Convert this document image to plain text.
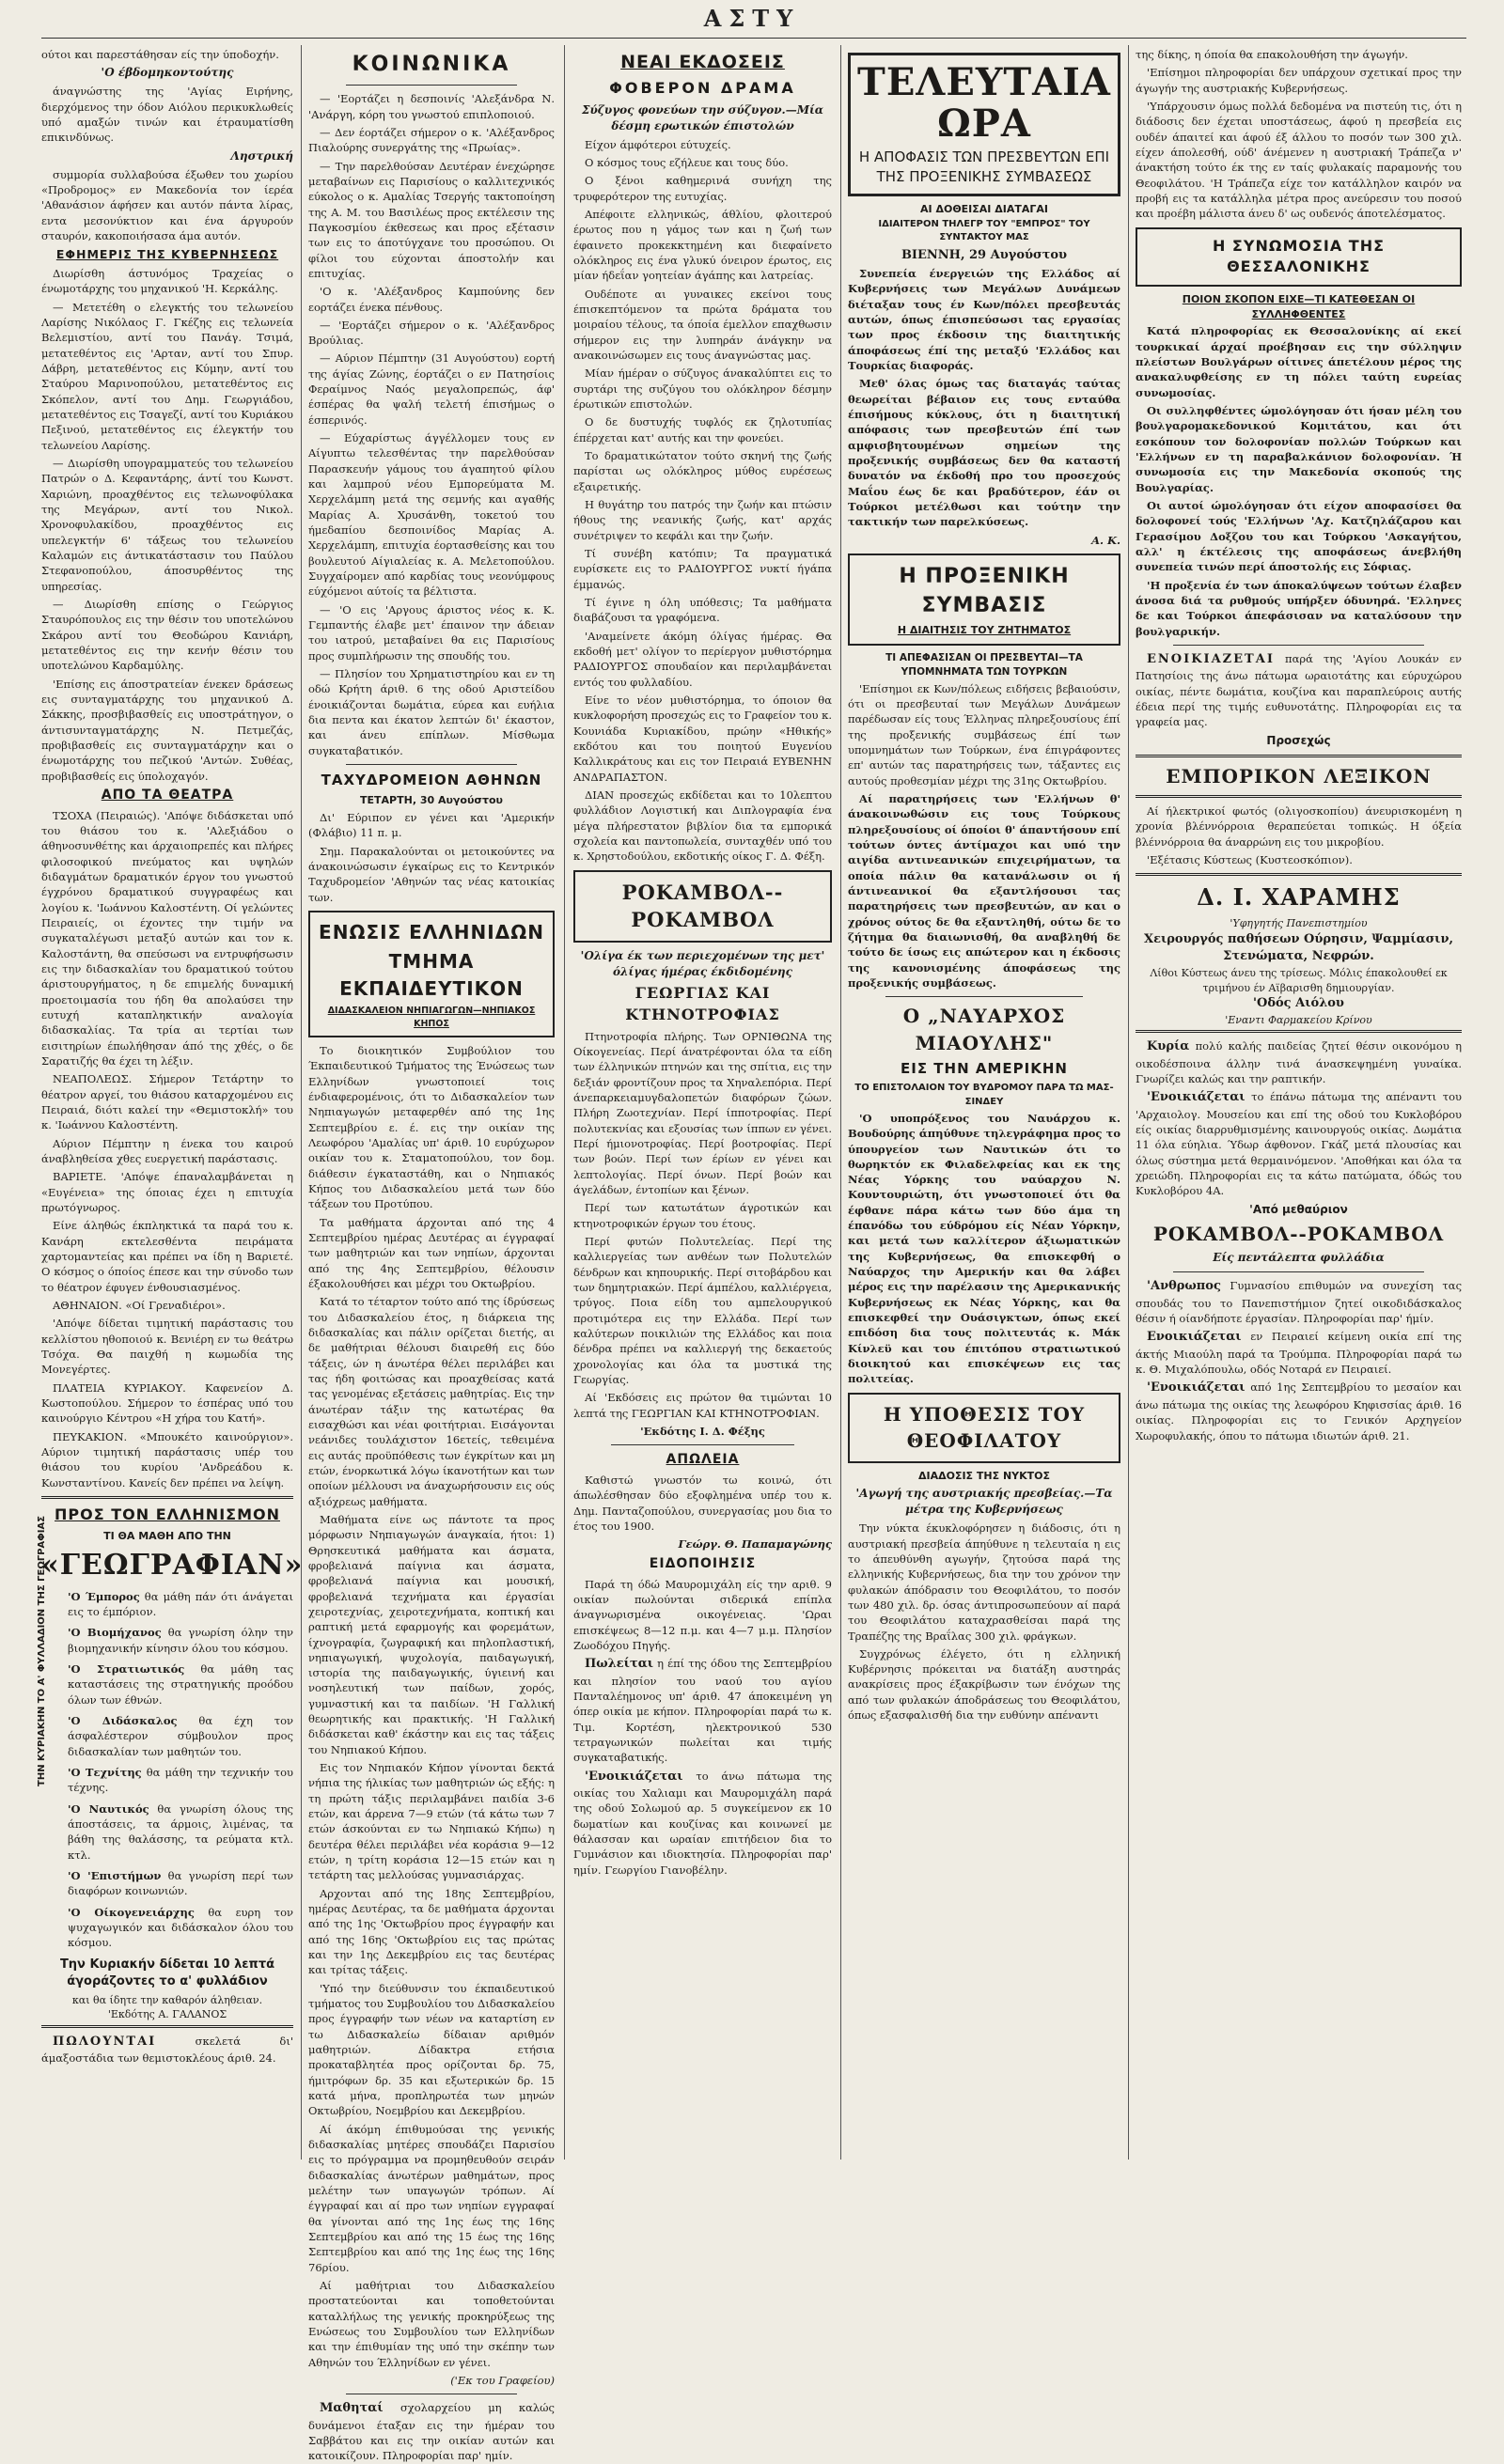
ΑΣΤΥ

ούτοι και παρεστάθησαν είς την ύποδοχήν.

'Ο έβδομηκοντούτης

άναγνώστης της 'Αγίας Ειρήνης, διερχόμενος την όδον Αιόλου περικυκλωθείς υπό αμαξών τινών και έτραυματίσθη επικινδύνως.

Ληστρική

συμμορία συλλαβούσα έξωθεν του χωρίου «Προδρομος» εν Μακεδονία τον ίερέα 'Αθανάσιον άφήσεν και αυτόν πάντα λίρας, εντα μεσονύκτιον και ένα άργυρούν σταυρόν, κακοποιήσασα άμα αυτόν.

ΕΦΗΜΕΡΙΣ ΤΗΣ ΚΥΒΕΡΝΗΣΕΩΣ

Διωρίσθη άστυνόμος Τραχείας ο ένωμοτάρχης του μηχανικού 'Η. Κερκάλης.

— Μετετέθη ο ελεγκτής του τελωνείου Λαρίσης Νικόλαος Γ. Γκέζης εις τελωνεία Βελεμιστίου, αντί του Πανάγ. Τσιμά, μετατεθέντος εις 'Αρταν, αντί του Σπυρ. Δάβρη, μετατεθέντος εις Κύμην, αντί του Σταύρου Μαρινοπούλου, μετατεθέντος εις Σκόπελον, αντί του Δημ. Γεωργιάδου, μετατεθέντος εις Τσαγεζί, αντί του Κυριάκου Πεξινού, μετατεθέντος εις έλεγκτήν του τελωνείου Λαρίσης.

— Διωρίσθη υπογραμματεύς του τελωνείου Πατρών ο Δ. Κεφαντάρης, άντί του Κωνστ. Χαριώνη, προαχθέντος εις τελωνοφύλακα της Μεγάρων, αντί του Νικολ. Χρονοφυλακίδου, προαχθέντος εις υπελεγκτήν 6' τάξεως του τελωνείου Καλαμών εις άντικατάστασιν του Παύλου Στεφανοπούλου, άποσυρθέντος της υπηρεσίας.

— Διωρίσθη επίσης ο Γεώργιος Σταυρόπουλος εις την θέσιν του υποτελώνου Σκάρου αντί του Θεοδώρου Κανιάρη, μετατεθέντος εις την κενήν θέσιν του υποτελώνου Καρδαμύλης.

'Επίσης εις άποστρατείαν ένεκεν δράσεως εις συνταγματάρχης του μηχανικού Δ. Σάκκης, προσβιβασθείς εις υποστράτηγον, ο άντισυνταγματάρχης Ν. Πετμεζάς, προβιβασθείς εις συνταγματάρχην και ο ένωμοτάρχης του πεζικού 'Αντών. Συθέας, προβιβασθείς εις ύπολοχαγόν.

ΑΠΟ ΤΑ ΘΕΑΤΡΑ

ΤΣΟΧΑ (Πειραιώς). 'Απόψε διδάσκεται υπό του θιάσου του κ. 'Αλεξιάδου ο άθηνοσυνθέτης και άρχαιοπρεπές και πλήρες φιλοσοφικού πνεύματος και υψηλών διδαγμάτων δραματικόν έργον του γνωστού έγχρόνου δραματικού συγγραφέως και λογίου κ. 'Ιωάννου Καλοστέντη. Οί γελώντες Πειραιείς, οι έχοντες την τιμήν να συγκαταλέγωσι μεταξύ αυτών και τον κ. Καλοστάντη, θα σπεύσωσι να εντρυφήσωσιν εις την διδασκαλίαν του δραματικού τούτου άριστουργήματος, η δε επιμελής δυναμική προετοιμασία του ήδη θα απολαύσει την ευτυχή καταπληκτικήν αναλογία διδασκαλίας. Τα τρία αι τερτίαι των εισιτηρίων έπωλήθησαν άπό της χθές, ο δε Σαρατιζής θα έχει τη λέξιν.

ΝΕΑΠΟΛΕΩΣ. Σήμερον Τετάρτην το θέατρον αργεί, του θιάσου καταρχομένου εις Πειραιά, διότι καλεί την «Θεμιστοκλή» του κ. 'Ιωάννου Καλοστέντη.

Αύριον Πέμπτην η ένεκα του καιρού άναβληθείσα χθες ευεργετική παράστασις.

ΒΑΡΙΕΤΕ. 'Απόψε έπαναλαμβάνεται η «Ευγένεια» της όποιας έχει η επιτυχία πρωτόγνωρος.

Είνε άληθώς έκπληκτικά τα παρά του κ. Κανάρη εκτελεσθέντα πειράματα χαρτομαντείας και πρέπει να ίδη η Βαριετέ. Ο κόσμος ο όποίος έπεσε και την σύνοδο των το θέατρον έφυγεν ένθουσιασμένος.

ΑΘΗΝΑΙΟΝ. «Οί Γρεναδιέροι».

'Απόψε δίδεται τιμητική παράστασις του κελλίστου ηθοποιού κ. Βενιέρη εν τω θεάτρω Τσόχα. Θα παιχθή η κωμωδία της Μονεγέρτες.

ΠΛΑΤΕΙΑ ΚΥΡΙΑΚΟΥ. Καφενείον Δ. Κωστοπούλου. Σήμερον το έσπέρας υπό του καινούργιο Κέντρου «Η χήρα του Κατή».

ΠΕΥΚΑΚΙΟΝ. «Μπουκέτο καινούργιον». Αύριον τιμητική παράστασις υπέρ του θιάσου του κυρίου 'Ανδρεάδου κ. Κωνσταντίνου. Κανείς δεν πρέπει να λείψη.

ΠΡΟΣ ΤΟΝ ΕΛΛΗΝΙΣΜΟΝ
ΤΙ ΘΑ ΜΑΘΗ ΑΠΟ ΤΗΝ
«ΓΕΩΓΡΑΦΙΑΝ»
ΤΗΝ ΚΥΡΙΑΚΗΝ ΤΟ Α' ΦΥΛΛΑΔΙΟΝ ΤΗΣ ΓΕΩΓΡΑΦΙΑΣ 'Ο Έμπορος θα μάθη πάν ότι άνάγεται εις το έμπόριον.

'Ο Βιομήχανος θα γνωρίση όλην την βιομηχανικήν κίνησιν όλου του κόσμου.

'Ο Στρατιωτικός θα μάθη τας καταστάσεις της στρατηγικής προόδου όλων των έθνών.

'Ο Διδάσκαλος θα έχη τον άσφαλέστερον σύμβουλον προς διδασκαλίαν των μαθητών του.

'Ο Τεχνίτης θα μάθη την τεχνικήν του τέχνης.

'Ο Ναυτικός θα γνωρίση όλους της άποστάσεις, τα άρμοις, λιμένας, τα βάθη της θαλάσσης, τα ρεύματα κτλ. κτλ.

'Ο 'Επιστήμων θα γνωρίση περί των διαφόρων κοινωνιών.

'Ο Οίκογενειάρχης θα ευρη τον ψυχαγωγικόν και διδάσκαλον όλου του κόσμου.

Την Κυριακήν δίδεται 10 λεπτά άγοράζοντες το α' φυλλάδιον
και θα ίδητε την καθαρόν άληθειαν.
'Εκδότης Α. ΓΑΛΑΝΟΣ

ΠΩΛΟΥΝΤΑΙ	σκελετά δι' άμαξοστάδια των θεμιστοκλέους άριθ. 24.

ΚΟΙΝΩΝΙΚΑ

— 'Εορτάζει η δεσποινίς 'Αλεξάνδρα Ν. 'Ανάργη, κόρη του γνωστού επιπλοποιού.

— Δεν έορτάζει σήμερον ο κ. 'Αλέξανδρος Πιαλούρης συνεργάτης της «Πρωίας».

— Την παρελθούσαν Δευτέραν ένεχώρησε μεταβαίνων εις Παρισίους ο καλλιτεχνικός εύκολος ο κ. Αμαλίας Τσεργής τακτοποίηση της Α. Μ. του Βασιλέως προς εκτέλεσιν της Παγκοσμίου έκθεσεως και προς εξέτασιν των εις το άποτύγχανε του προσώπου. Οι φίλοι του εύχονται άποστολήν και επιτυχίας.

'Ο κ. 'Αλέξανδρος Καμπούνης δεν εορτάζει ένεκα πένθους.

— 'Εορτάζει σήμερον ο κ. 'Αλέξανδρος Βρούλιας.

— Αύριον Πέμπτην (31 Αυγούστου) εορτή της άγίας Ζώνης, έορτάζει ο εν Πατησίοις Φεραίμνος Ναός μεγαλοπρεπώς, άφ' έσπέρας θα ψαλή τελετή έπισήμως ο έσπερινός.

— Εύχαρίστως άγγέλλομεν τους εν Αίγυπτω τελεσθέντας την παρελθούσαν Παρασκευήν γάμους του άγαπητού φίλου και λαμπρού νέου Εμπορεύματα Μ. Χερχελάμπη μετά της σεμνής και αγαθής Μαρίας Α. Χρυσάνθη, τοκετού του ήμεδαπίου δεσποινίδος Μαρίας Α. Χερχελάμπη, επιτυχία έορτασθείσης και του βουλευτού Αίγιαλείας κ. Α. Μελετοπούλου. Συγχαίρομεν από καρδίας τους νεονύμφους εύχόμενοι αύτοίς τα βέλτιστα.

— 'Ο εις 'Αργους άριστος νέος κ. Κ. Γεμπαντής έλαβε μετ' έπαινον την άδειαν του ιατρού, μεταβαίνει θα εις Παρισίους προς συμπλήρωσιν της σπουδής του.

— Πλησίον του Χρηματιστηρίου και εν τη οδώ Κρήτη άριθ. 6 της οδού Αριστείδου ένοικιάζονται δωμάτια, εύρεα και ευήλια δια πεντα και έκατον λεπτών δι' έκαστον, και άνευ επίπλων. Μίσθωμα συγκαταβατικόν.

ΤΑΧΥΔΡΟΜΕΙΟΝ ΑΘΗΝΩΝ
ΤΕΤΑΡΤΗ, 30 Αυγούστου

Δι' Εύριπον εν γένει και 'Αμερικήν (Φλάβιο) 11 π. μ.

Σημ. Παρακαλούνται οι μετοικούντες να άνακοινώσωσιν έγκαίρως εις το Κεντρικόν Ταχυδρομείον 'Αθηνών τας νέας κατοικίας των.

ΕΝΩΣΙΣ ΕΛΛΗΝΙΔΩΝ
ΤΜΗΜΑ ΕΚΠΑΙΔΕΥΤΙΚΟΝ
ΔΙΔΑΣΚΑΛΕΙΟΝ ΝΗΠΙΑΓΩΓΩΝ—ΝΗΠΙΑΚΟΣ ΚΗΠΟΣ

Το διοικητικόν Συμβούλιον του Έκπαιδευτικού Τμήματος της Ένώσεως των Ελληνίδων γνωστοποιεί τοις ένδιαφερομένοις, ότι το Διδασκαλείον των Νηπιαγωγών μεταφερθέν από της 1ης Σεπτεμβρίου ε. έ. εις την οικίαν της Λεωφόρου 'Αμαλίας υπ' άριθ. 10 ευρύχωρον οικίαν του κ. Σταματοπούλου, τον δομ. διάθεσιν έγκαταστάθη, και ο Νηπιακός Κήπος του Διδασκαλείου μετά των δύο τάξεων του Προτύπου.

Τα μαθήματα άρχονται από της 4 Σεπτεμβρίου ημέρας Δευτέρας αι έγγραφαί των μαθητριών και των νηπίων, άρχονται από της 4ης Σεπτεμβρίου, θέλουσιν έξακολουθήσει και μέχρι του Οκτωβρίου.

Κατά το τέταρτον τούτο από της ίδρύσεως του Διδασκαλείου έτος, η διάρκεια της διδασκαλίας και πάλιν ορίζεται διετής, αι δε μαθήτριαι θέλουσι διαιρεθή εις δύο τάξεις, ών η άνωτέρα θέλει περιλάβει και τας ήδη φοιτώσας και προαχθείσας κατά τας γενομένας εξετάσεις μαθητρίας. Εις την άνωτέραν τάξιν της κατωτέρας θα εισαχθώσι και νέαι φοιτήτριαι. Εισάγονται νεάνιδες τουλάχιστον 16ετείς, τεθειμένα εις αυτάς προϋπόθεσις των έγκρίτων και μη ετών, ένορκωτικά λόγω ίκανοτήτων και των οποίων μέλλουσι να άναχωρήσουσιν εις ούς αξιόχρεως μαθήματα.

Μαθήματα είνε ως πάντοτε τα προς μόρφωσιν Νηπιαγωγών άναγκαία, ήτοι: 1) Θρησκευτικά μαθήματα και άσματα, φροβελιανά παίγνια και άσματα, φροβελιανά παίγνια και μουσική, φροβελιανά τεχνήματα και έργασίαι χειροτεχνίας, χειροτεχνήματα, κοπτική και ραπτική μετά εφαρμογής και φορεμάτων, ίχνογραφία, ζωγραφική και πηλοπλαστική, νηπιαγωγική, ψυχολογία, παιδαγωγική, ιστορία της παιδαγωγικής, ύγιεινή και νοσηλευτική των παίδων, χορός, γυμναστική και τα παιδίων. 'Η Γαλλική θεωρητικής και πρακτικής. 'Η Γαλλική διδάσκεται καθ' έκάστην και εις τας τάξεις του Νηπιακού Κήπου.

Εις τον Νηπιακόν Κήπον γίνονται δεκτά νήπια της ήλικίας των μαθητριών ώς εξής: η τη πρώτη τάξις περιλαμβάνει παιδία 3-6 ετών, και άρρενα 7—9 ετών (τά κάτω των 7 ετών άσκούνται εν τω Νηπιακώ Κήπω) η δευτέρα θέλει περιλάβει νέα κοράσια 9—12 ετών, η τρίτη κοράσια 12—15 ετών και η τετάρτη τας μελλούσας γυμνασιάρχας.

Αρχονται από της 18ης Σεπτεμβρίου, ημέρας Δευτέρας, τα δε μαθήματα άρχονται από της 1ης 'Οκτωβρίου προς έγγραφήν και από της 16ης 'Οκτωβρίου εις τας πρώτας και την 1ης Δεκεμβρίου εις τας δευτέρας και τρίτας τάξεις.

'Υπό την διεύθυνσιν του έκπαιδευτικού τμήματος του Συμβουλίου του Διδασκαλείου προς έγγραφήν των νέων να καταρτίση εν τω Διδασκαλείω δίδαιαν αριθμόν μαθητριών. Δίδακτρα ετήσια προκαταβλητέα προς ορίζονται δρ. 75, ήμιτρόφων δρ. 35 και εξωτερικών δρ. 15 κατά μήνα, προπληρωτέα των μηνών Οκτωβρίου, Νοεμβρίου και Δεκεμβρίου.

Αί άκόμη έπιθυμούσαι της γενικής διδασκαλίας μητέρες σπουδάζει Παρισίου εις το πρόγραμμα να προμηθευθούν σειράν διδασκαλίας άνωτέρων μαθημάτων, προς μελέτην των υπαγωγών τρόπων. Αί έγγραφαί και αί προ των νηπίων εγγραφαί θα γίνονται από της 1ης έως της 16ης Σεπτεμβρίου και από της 15 έως της 16ης Σεπτεμβρίου και από της 1ης έως της 16ης 76ρίου.

Αί μαθήτριαι του Διδασκαλείου προστατεύονται και τοποθετούνται καταλλήλως της γενικής προκηρύξεως της Ενώσεως του Συμβουλίου των Ελληνίδων και την έπιθυμίαν της υπό την σκέπην των Αθηνών του Έλληνίδων εν γένει.

('Εκ του Γραφείου)

Μαθηταί σχολαρχείου μη καλώς δυνάμενοι έταξαν εις την ήμέραν του Σαββάτου και εις την οικίαν αυτών και κατοικίζουν. Πληροφορίαι παρ' ημίν.

ΝΕΑΙ ΕΚΔΟΣΕΙΣ
ΦΟΒΕΡΟΝ ΔΡΑΜΑ
Σύζυγος φονεύων την σύζυγον.—Μία δέσμη ερωτικών έπιστολών

Είχον άμφότεροι εύτυχείς.

Ο κόσμος τους εζήλευε και τους δύο.

Ο ξένοι καθημερινά συνήχη της τρυφερότερον της ευτυχίας.

Απέφοιτε ελληνικώς, άθλίου, φλοιτερού έρωτος που η γάμος των και η ζωή των έφαινετο προκεκκτημένη και διεφαίνετο ολόκληρος εις ένα γλυκύ όνειρον έρωτος, εις μίαν ήδεΐαν γοητείαν άγάπης και λατρείας.

Ουδέποτε αι γυναικες εκείνοι τους έπισκεπτόμενον τα πρώτα δράματα του μοιραίου τέλους, τα όποία έμελλον επαχθωσιν σήμερον εις την λυπηράν άνάγκην να ανακοινώσωμεν εις τους άναγνώστας μας.

Μίαν ήμέραν ο σύζυγος άνακαλύπτει εις το συρτάρι της συζύγου του ολόκληρον δέσμην έρωτικών επιστολών.

Ο δε δυστυχής τυφλός εκ ζηλοτυπίας έπέρχεται κατ' αυτής και την φονεύει.

Το δραματικώτατον τούτο σκηνή της ζωής παρίσται ως ολόκληρος μύθος ευρέσεως εξαιρετικής.

Η θυγάτηρ του πατρός την ζωήν και πτώσιν ήθους της νεανικής ζωής, κατ' αρχάς συνέτριψεν το κεφάλι και την ζωήν.

Τί συνέβη κατόπιν; Τα πραγματικά ευρίσκετε εις το ΡΑΔΙΟΥΡΓΟΣ νυκτί ήγάπα έμμανώς.

Τί έγινε η όλη υπόθεσις; Τα μαθήματα διαβάζουσι τα γραφόμενα.

'Αναμείνετε άκόμη όλίγας ήμέρας. Θα εκδοθή μετ' ολίγον το περίεργον μυθιστόρημα ΡΑΔΙΟΥΡΓΟΣ σπουδαίον και περιλαμβάνεται εντός του φυλλαδίου.

Είνε το νέον μυθιστόρημα, το όποιον θα κυκλοφορήση προσεχώς εις το Γραφείον του κ. Κουνιάδα Κυριακίδου, πρώην «Ηθικής» εκδότου και του ποιητού Ευγενίου Καλλικράτους και εις τον Πειραιά ΕΥΒΕΝΗΝ ΑΝΔΡΑΠΑΣΤΟΝ.

ΔΙΑΝ προσεχώς εκδίδεται και το 10λεπτου φυλλάδιον Λογιστική και Διπλογραφία ένα μέγα πλήρεστατον βιβλίον δια τα εμπορικά σχολεία και παντοπωλεία, συνταχθέν υπό του κ. Χρηστοδούλου, εκδοτικής οίκος Γ. Δ. Φέξη.

ΡΟΚΑΜΒΟΛ--ΡΟΚΑΜΒΟΛ
'Ολίγα έκ των περιεχομένων της μετ' όλίγας ήμέρας έκδιδομένης
ΓΕΩΡΓΙΑΣ ΚΑΙ ΚΤΗΝΟΤΡΟΦΙΑΣ

Πτηνοτροφία πλήρης. Των ΟΡΝΙΘΩΝΑ της Οίκογενείας. Περί άνατρέφονται όλα τα είδη των έλληνικών πτηνών και της σπίτια, εις την δεξιάν φροντίζουν προς τα Χηναλεπόρια. Περί άνεπαρκειαμυγδαλοπετών διαφόρων ζώων. Πλήρη Ζωοτεχνίαν. Περί ίπποτροφίας. Περί πολυτεκνίας και εξουσίας των ίππων εν γένει. Περί ήμιονοτροφίας. Περί βοοτροφίας. Περί των βοών. Περί των έρίων εν γένει και λεπτολογίας. Περί όνων. Περί βοών και άγελάδων, έντοπίων και ξένων.

Περί των κατωτάτων άγροτικών και κτηνοτροφικών έργων του έτους.

Περί φυτών Πολυτελείας. Περί της καλλιεργείας των ανθέων των Πολυτελών δένδρων και κηπουρικής. Περί σιτοβάρδου και των δημητριακών. Περί άμπέλου, καλλιέργεια, τρύγος. Ποια είδη του αμπελουργικού προτιμότερα εις την Ελλάδα. Περί των καλύτερων ποικιλιών της Ελλάδος και ποια δένδρα πρέπει να καλλιεργή της δεκαετούς χρονολογίας και όλα τα μυστικά της Γεωργίας.

Αί 'Εκδόσεις εις πρώτον θα τιμώνται 10 λεπτά της ΓΕΩΡΓΙΑΝ ΚΑΙ ΚΤΗΝΟΤΡΟΦΙΑΝ.

'Εκδότης Ι. Δ. Φέξης
ΑΠΩΛΕΙΑ

Καθιστώ γνωστόν τω κοινώ, ότι άπωλέσθησαν δύο εξοφλημένα υπέρ του κ. Δημ. Πανταζοπούλου, συνεργασίας μου δια το έτος του 1900.

Γεώργ. Θ. Παπαμαγώνης
ΕΙΔΟΠΟΙΗΣΙΣ

Παρά τη όδώ Μαυρομιχάλη είς την αριθ. 9 οικίαν πωλούνται σιδερικά επίπλα άναγνωρισμένα οικογένειας. 'Ωραι επισκέψεως 8—12 π.μ. και 4—7 μ.μ. Πλησίον Ζωοδόχου Πηγής.

Πωλείται η έπί της όδου της Σεπτεμβρίου και πλησίον του ναού του αγίου Πανταλέημονος υπ' άριθ. 47 άποκειμένη γη όπερ οικία με κήπον. Πληροφορίαι παρά τω κ. Τιμ. Κορτέση, ηλεκτρονικού 530 τετραγωνικών πωλείται και τιμής συγκαταβατικής.

'Ενοικιάζεται το άνω πάτωμα της οικίας του Χαλιαμι και Μαυρομιχάλη παρά της οδού Σολωμού αρ. 5 συγκείμενον εκ 10 δωματίων και κουζίνας και κοινωνεί με θάλασσαν και ωραίαν επιτήδειον δια το Γυμνάσιον και ιδιοκτησία. Πληροφορίαι παρ' ημίν. Γεωργίου Γιανοβέλην.

ΤΕΛΕΥΤΑΙΑ ΩΡΑ
Η ΑΠΟΦΑΣΙΣ ΤΩΝ ΠΡΕΣΒΕΥΤΩΝ ΕΠΙ ΤΗΣ ΠΡΟΞΕΝΙΚΗΣ ΣΥΜΒΑΣΕΩΣ
ΑΙ ΔΟΘΕΙΣΑΙ ΔΙΑΤΑΓΑΙ
ΙΔΙΑΙΤΕΡΟΝ ΤΗΛΕΓΡ ΤΟΥ "ΕΜΠΡΟΣ" ΤΟΥ ΣΥΝΤΑΚΤΟΥ ΜΑΣ
ΒΙΕΝΝΗ, 29 Αυγούστου

Συνεπεία ένεργειών της Ελλάδος αί Κυβερνήσεις των Μεγάλων Δυνάμεων διέταξαν τους έν Κων/πόλει πρεσβευτάς αυτών, όπως έπισπεύσωσι τας εργασίας των προς έκδοσιν της διαιτητικής άποφάσεως έπί της μεταξύ 'Ελλάδος και Τουρκίας διαφοράς.

Μεθ' όλας όμως τας διαταγάς ταύτας θεωρείται βέβαιον εις τους ενταύθα έπισήμους κύκλους, ότι η διαιτητική απόφασις των πρεσβευτών έπί των αμφισβητουμένων σημείων της προξενικής συμβάσεως δεν θα καταστή δυνατόν να έκδοθή προ του προσεχούς Μαΐου έως δε και βραδύτερον, έάν οι Τούρκοι μετέλθωσι και τούτην την τακτικήν των παρελκύσεως.

Α. Κ.
Η ΠΡΟΞΕΝΙΚΗ ΣΥΜΒΑΣΙΣ
Η ΔΙΑΙΤΗΣΙΣ ΤΟΥ ΖΗΤΗΜΑΤΟΣ
ΤΙ ΑΠΕΦΑΣΙΣΑΝ ΟΙ ΠΡΕΣΒΕΥΤΑΙ—ΤΑ ΥΠΟΜΝΗΜΑΤΑ ΤΩΝ ΤΟΥΡΚΩΝ

'Επίσημοι εκ Κων/πόλεως ειδήσεις βεβαιούσιν, ότι οι πρεσβευταί των Μεγάλων Δυνάμεων παρέδωσαν είς τους Έλληνας πληρεξουσίους έπί της προξενικής συμβάσεως έπί των υπομνημάτων των Τούρκων, ένα έπιγράφοντες επ' αυτών τας παρατηρήσεις των, τάξαντες εις αυτούς προθεσμίαν μέχρι της 31ης Οκτωβρίου.

Αί παρατηρήσεις των 'Ελλήνων θ' άνακοινωθώσιν εις τους Τούρκους πληρεξουσίους οί όποίοι θ' άπαντήσουν επί τούτων όντες άντίμαχοι και υπό την αιγίδα αντινεανικών επιχειρήματων, τα οποία πάλιν θα κατανάλωσιν οι ή άντινεανικοί θα εξαντλήσουσι τας παρατηρήσεις των πρεσβευτών, αν και ο χρόνος ούτος δε θα εξαντληθή, ούτω δε το ζήτημα θα διαιωνισθή, θα αναβληθή δε τούτο δε ίσως εις απώτερον και η έκδοσις της κανονισμένης άποφάσεως της προξενικής συμβάσεως.

Ο „ΝΑΥΑΡΧΟΣ ΜΙΑΟΥΛΗΣ"
ΕΙΣ ΤΗΝ ΑΜΕΡΙΚΗΝ
ΤΟ ΕΠΙΣΤΟΛΑΙΟΝ ΤΟΥ ΒΥΔΡΟΜΟΥ ΠΑΡΑ ΤΩ ΜΑΣ-ΣΙΝΔΕΥ

'Ο υποπρόξενος του Ναυάρχου κ. Βουδούρης άπηύθυνε τηλεγράφημα προς το ύπουργείον των Ναυτικών ότι το θωρηκτόν εκ Φιλαδελφείας και εκ της Νέας Υόρκης του ναύαρχου Ν. Κουντουριώτη, ότι γνωστοποιεί ότι θα έφθανε πάρα κάτω των δύο άμα τη έπανόδω του εύδρόμου είς Νέαν Υόρκην, και μετά των καλλίτερον άξιωματικών της Κυβερνήσεως, θα επισκεφθή ο Ναύαρχος την Αμερικήν και θα λάβει μέρος εις την παρέλασιν της Αμερικανικής Κυβερνήσεως εκ Νέας Υόρκης, και θα επισκεφθεί την Ουάσιγκτων, όπως εκεί επιδόση δια τους πολιτευτάς κ. Μάκ Κίνλεϋ και του έπιτόπου στρατιωτικού διοικητού και επισκέψεων εις τας πολιτείας.

Η ΥΠΟΘΕΣΙΣ ΤΟΥ ΘΕΟΦΙΛΑΤΟΥ
ΔΙΑΔΟΣΙΣ ΤΗΣ ΝΥΚΤΟΣ
'Αγωγή της αυστριακής πρεσβείας.—Τα μέτρα της Κυβερνήσεως

Την νύκτα έκυκλοφόρησεν η διάδοσις, ότι η αυστριακή πρεσβεία άπηύθυνε η τελευταία η εις το άπευθύνθη αγωγήν, ζητούσα παρά της ελληνικής Κυβερνήσεως, δια την του χρόνον την φυλακών άπόδρασιν του Θεοφιλάτου, το ποσόν των 480 χιλ. δρ. όσας άντιπροσωπεύουν αί παρά του Θεοφιλάτου καταχρασθείσαι παρά της Τραπέζης της Βραΐλας 300 χιλ. φράγκων.

Συγχρόνως έλέγετο, ότι η ελληνική Κυβέρνησις πρόκειται να διατάξη αυστηράς ανακρίσεις προς έξακρίβωσιν των ένόχων της από των φυλακών άποδράσεως του Θεοφιλάτου, όπως εξασφαλισθή δια την ευθύνην απέναντι

της δίκης, η όποία θα επακολουθήση την άγωγήν.

'Επίσημοι πληροφορίαι δεν υπάρχουν σχετικαί προς την άγωγήν της αυστριακής Κυβερνήσεως.

'Υπάρχουσιν όμως πολλά δεδομένα να πιστεύη τις, ότι η διάδοσις δεν έχεται υποστάσεως, άφού η πρεσβεία εις ουδέν άπαιτεί και άφού έξ άλλου το ποσόν των 300 χιλ. είχεν άπολεσθή, ούδ' άνέμενεν η αυστριακή Τράπεζα ν' άνακτήση τούτο έκ της εν ταίς φυλακαίς παραμονής του Θεοφιλάτου. 'Η Τράπεζα είχε τον κατάλληλον καιρόν να προβή εις τα κατάλληλα μέτρα προς ανεύρεσιν του ποσού και προέβη μάλιστα άνευ δ' ως ουδενός άποτελέσματος.

Η ΣΥΝΩΜΟΣΙΑ ΤΗΣ ΘΕΣΣΑΛΟΝΙΚΗΣ
ΠΟΙΟΝ ΣΚΟΠΟΝ ΕΙΧΕ—ΤΙ ΚΑΤΕΘΕΣΑΝ ΟΙ ΣΥΛΛΗΦΘΕΝΤΕΣ

Κατά πληροφορίας εκ Θεσσαλονίκης αί εκεί τουρκικαί άρχαί προέβησαν εις την σύλληψιν πλείστων Βουλγάρων οίτινες άπετέλουν μέρος της ανακαλυφθείσης εν τη πόλει ταύτη ευρείας συνωμοσίας.

Οι συλληφθέντες ώμολόγησαν ότι ήσαν μέλη του βουλγαρομακεδονικού Κομιτάτου, και ότι εσκόπουν τον δολοφονίαν πολλών Τούρκων και 'Ελλήνων εν τη παραβαλκάνιον δολοφονίαν. Ή συνωμοσία εις την Μακεδονία σκοπούς της Βουλγαρίας.

Οι αυτοί ώμολόγησαν ότι είχον αποφασίσει θα δολοφονεί τούς 'Ελλήνων 'Αχ. Κατζηλάζαρου και Γερασίμου Δοξζου του και Τούρκου 'Ασκαγήτου, αλλ' η έκτέλεσις της αποφάσεως άνεβλήθη συνεπεία τινών περί άποστολής εις Σόφιας.

'Η προξενία έν των άποκαλύψεων τούτων έλαβεν άνοσα διά τα ρυθμούς υπήρξεν όδυνηρά. 'Ελληνες δε και Τούρκοι άπεφάσισαν να καταλύσουν την βουλγαρικήν.

ΕΝΟΙΚΙΑΖΕΤΑΙ παρά της 'Αγίου Λουκάν εν Πατησίοις της άνω πάτωμα ωραιοτάτης και εύρυχώρου οικίας, πέντε δωμάτια, κουζίνα και παραπλεύροις αυτής έδεια περί της τιμής ευθυνοτάτης. Πληροφορίαι εις τα γραφεία μας.

Προσεχώς
ΕΜΠΟΡΙΚΟΝ ΛΕΞΙΚΟΝ

Αί ήλεκτρικοί φωτός (ολιγοσκοπίου) άνευρισκομένη η χρονία βλέννόρροια θεραπεύεται τοπικώς. Η όξεία βλέννόρροια θα άναρρώνη εις του μικροβίου.

'Εξέτασις Κύστεως (Κυστεοσκόπιον).

Δ. Ι. ΧΑΡΑΜΗΣ
'Υφηγητής Πανεπιστημίου
Χειρουργός παθήσεων Ούρησιν, Ψαμμίασιν, Στενώματα, Νεφρών.
Λίθοι Κύστεως άνευ της τρίσεως. Μόλις έπακολουθεί εκ τριμήνου έν Αϊβαρισθη δημιουργίαν.
'Οδός Αιόλου
'Εναντι Φαρμακείου Κρίνου

Κυρία πολύ καλής παιδείας ζητεί θέσιν οικονόμου η οικοδέσποινα άλλην τινά άνασκεψημένη γυναίκα. Γνωρίζει καλώς και την ραπτικήν.

'Ενοικιάζεται το έπάνω πάτωμα της απέναντι του 'Αρχαιολογ. Μουσείου και επί της οδού του Κυκλοβόρου είς οικίας διαρρυθμισμένης καινουργούς οικίας. Δωμάτια 11 όλα εύηλια. Ύδωρ άφθονον. Γκάζ μετά πλουσίας και όλως σύστημα μετά θερμαινόμενον. 'Αποθήκαι και όλα τα χρειώδη. Πληροφορίαι εις τα κάτω πατώματα, όδώς του Κυκλοβόρου 4Α.

'Από μεθαύριον
ΡΟΚΑΜΒΟΛ--ΡΟΚΑΜΒΟΛ
Είς πεντάλεπτα φυλλάδια

'Ανθρωπος Γυμνασίου επιθυμών να συνεχίση τας σπουδάς του το Πανεπιστήμιον ζητεί οικοδιδάσκαλος θέσιν ή οίανδήποτε έργασίαν. Πληροφορίαι παρ' ήμίν.

Ενοικιάζεται εν Πειραιεί κείμενη οικία επί της άκτής Μιαούλη παρά τα Τρούμπα. Πληροφορίαι παρά τω κ. Θ. Μιχαλόπουλω, οδός Νοταρά εν Πειραιεί.

'Ενοικιάζεται από 1ης Σεπτεμβρίου το μεσαίον και άνω πάτωμα της οικίας της λεωφόρου Κηφισσίας άριθ. 16 οικίας. Πληροφορίαι εις το Γενικόν Αρχηγείον Χωροφυλακής, όπου το πάτωμα ιδιωτών άριθ. 21.
